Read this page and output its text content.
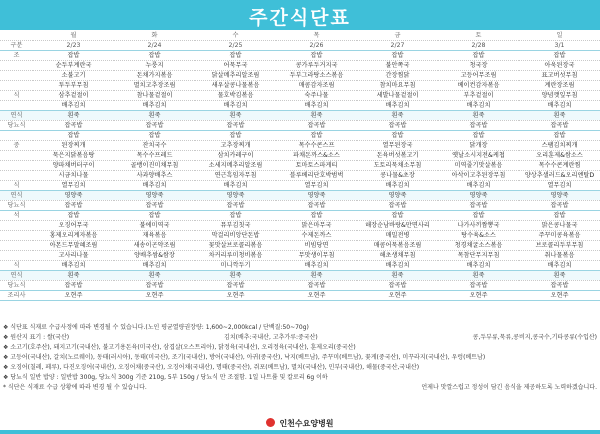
주간식단표
	월	화	수	목	금	토	일
구분	2/23	2/24	2/25	2/26	2/27	2/28	3/1
조	잡밥	잡밥	잡밥	잡밥	잡밥	잡밥	잡밥
	순두부계란국	누룽지	어묵무국	콩가루두거지국	불안쪽국	청국장	아욱된장국
	소불고기	돈채가지볶음	닭살메추리알조림	두부그라탕소스볶음	간장찜닭	고등어무조림	표고버섯무침
	투두부무침	멸치고추장조림	새우살콩나물볶음	매콤감자조림	참치마요무침	베이컨감자볶음	계란장조림
식	삼추겉절이	참나물겉절이	물호박김볶음	숙주나물	세발나물겉절이	부추겉절이	양념깻잎무침
	배추김치	배추김치	배추김치	배추김치	배추김치	배추김치	배추김치
연식	흰죽	흰죽	흰죽	흰죽	흰죽	흰죽	흰죽
당뇨식	잡곡밥	잡곡밥	잡곡밥	잡곡밥	잡곡밥	잡곡밥	잡곡밥
	잡밥	잡밥	잡밥	잡밥	잡밥	잡밥	잡밥
중	된장찌개	잔치국수	고추장찌개	목수수콘스프	열무된장국	닭개장	스팸김치찌개
	묵은지닭볶음탕	목수수프레드	삼치카레구이	파채돈까스&소스	돈육버섯볶고기	옛날소시지전&케첩	오리훈제&쌈소스
	양파채버터구이	골뱅이진미채무침	소세지메추리알조림	토마토스파게티	도토리묵채소무침	미역줄기맛살볶음	목수수콘계란찜
	시금치나물	사과양배추스	연근흑임자무침	블루베리단호박범벅	콩나물&초장	아삭이고추된장무침	양상추샐러드&오리엔탈D
식	열무김치	배추김치	배추김치	열무김치	배추김치	배추김치	열무김치
연식	영양죽	영양죽	영양죽	영양죽	영양죽	영양죽	영양죽
당뇨식	잡곡밥	잡곡밥	잡곡밥	잡곡밥	잡곡밥	잡곡밥	잡곡밥
석	잡밥	잡밥	잡밥	잡밥	잡밥	잡밥	잡밥
	오징어무국	불에미역국	뮤부김칫국	맑은마무국	해장순남바랑&만면사리	나가사끼짬뽕국	맑은콩나물국
	홍제오리계자볶음	재육볶음	막걸리비앙단돈밥	수제돈까스	매밀전병	탕수육&소스	주꾸미콩육볶음
	아몬드무말혜조림	새송이곤약조림	꽃맛살브로콜리볶음	비빔당면	매콤어묵볶음조림	청경채굴소스볶음	브로콜리두부무침
	고사리나물	양배추쌈&쌈장	차커리루미청비볶음	무맛생이무침	해초생채무침	목참단무지무침	취나물볶음
식	배추김치	배추김치	미니깍두기	배추김치	배추김치	배추김치	배추김치
연식	흰죽	흰죽	흰죽	흰죽	흰죽	흰죽	흰죽
당뇨식	잡곡밥	잡곡밥	잡곡밥	잡곡밥	잡곡밥	잡곡밥	잡곡밥
조리사	오현주	오현주	오현주	오현주	오현주	오현주	오현주
❖ 식단표 식재료 수급사정에 따라 변경될 수 있습니다.(노인 평균열량권장량: 1,600~2,000kcal / 단백질:50~70g)
❖ 원산지 표기 : 쌀(국산)	김치(배추:국내산, 고추가루:중국산)	콩,두부류,묵류,콩비지,콩국수,기타콩류(수입산)
❖ 소고기(호주산), 돼지고기(국내산), 불고기용돈육(미국산), 삼겹살(오스트리아), 닭정육(국내산), 오리정육(국내산), 훈제오리(중국산)
❖ 고등어(국내산), 갈치(노르웨이), 동태(러시아), 동태(미국산), 조기(국내산), 방어(국내산), 아귀(중국산), 낙지(베트남), 주꾸미(베트남), 꽃게(중국산), 미꾸라지(국내산), 우렁(베트남)
❖ 오징어(칠레, 페루), 다진오징어(국내산), 오징어채(중국산), 오징어채(국내산), 명태(중국산), 쥐포(베트남), 멸치(국내산), 민부(국내산), 해물(중국산,국내산)
❖ 당뇨식 일반 밥양 : 일반밥 300g, 당뇨식 300g 기준 210g, 5부 150g / 당뇨식 만 조절함. 1일 나트륨 및 칼로리 6g 이하
* 식단은 식재료 수급 상황에 따라 변경 될 수 있습니다.	언제나 맛깔스럽고 정성이 담긴 음식을 제공하도록 노력하겠습니다.
인천수요양병원
